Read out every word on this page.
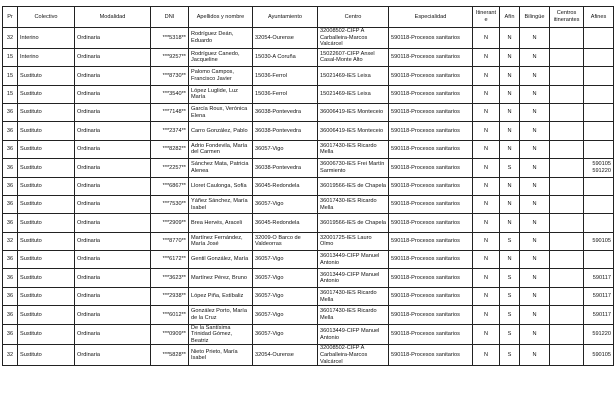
Pr	Colectivo	Modalidad	DNI	Apellidos y nombre	Ayuntamiento	Centro	Especialidad	Itinerante	Afín	Bilingüe	Centros itinerantes	Afines
32	Interino	Ordinaria	***5318**	Rodríguez Deán, Eduardo	32054-Ourense	32008502-CIFP A Carballeira-Marcos Valcárcel	590118-Procesos sanitarios	N	N	N		
15	Interino	Ordinaria	***9257**	Rodríguez Canedo, Jacqueline	15030-A Coruña	15022607-CIFP Anxel Casal-Monte Alto	590118-Procesos sanitarios	N	N	N		
15	Sustituto	Ordinaria	***8730**	Palomo Campos, Francisco Javier	15036-Ferrol	15021469-IES Leixa	590118-Procesos sanitarios	N	N	N		
15	Sustituto	Ordinaria	***3540**	López Luglide, Luz María	15036-Ferrol	15021469-IES Leixa	590118-Procesos sanitarios	N	N	N		
36	Sustituto	Ordinaria	***7148**	García Roux, Verónica Elena	36038-Pontevedra	36006419-IES Monteceio	590118-Procesos sanitarios	N	N	N		
36	Sustituto	Ordinaria	***2374**	Carro González, Pablo	36038-Pontevedra	36006419-IES Monteceio	590118-Procesos sanitarios	N	N	N		
36	Sustituto	Ordinaria	***8282**	Adrio Fondevila, María del Carmen	36057-Vigo	36017430-IES Ricardo Mella	590118-Procesos sanitarios	N	N	N		
36	Sustituto	Ordinaria	***2257**	Sánchez Mata, Patricia Alenea	36038-Pontevedra	36006730-IES Frei Martín Sarmiento	590118-Procesos sanitarios	N	S	N		590105 591220
36	Sustituto	Ordinaria	***6867**	Lloret Caulonga, Sofía	36045-Redondela	36019566-IES de Chapela	590118-Procesos sanitarios	N	N	N		
36	Sustituto	Ordinaria	***7530**	Yáñez Sánchez, María Isabel	36057-Vigo	36017430-IES Ricardo Mella	590118-Procesos sanitarios	N	N	N		
36	Sustituto	Ordinaria	***2909**	Brea Hervés, Araceli	36045-Redondela	36019566-IES de Chapela	590118-Procesos sanitarios	N	N	N		
32	Sustituto	Ordinaria	***8770**	Martínez Fernández, María José	32009-O Barco de Valdeorras	32001725-IES Lauro Olmo	590118-Procesos sanitarios	N	S	N		590105
36	Sustituto	Ordinaria	***6172**	Gentil González, María	36057-Vigo	36013449-CIFP Manuel Antonio	590118-Procesos sanitarios	N	N	N		
36	Sustituto	Ordinaria	***3623**	Martínez Pérez, Bruno	36057-Vigo	36013449-CIFP Manuel Antonio	590118-Procesos sanitarios	N	S	N		590117
36	Sustituto	Ordinaria	***2938**	López Piña, Estíbaliz	36057-Vigo	36017430-IES Ricardo Mella	590118-Procesos sanitarios	N	S	N		590117
36	Sustituto	Ordinaria	***6012**	González Porto, María de la Cruz	36057-Vigo	36017430-IES Ricardo Mella	590118-Procesos sanitarios	N	S	N		590117
36	Sustituto	Ordinaria	***0909**	De la Santísima Trinidad Gómez, Beatriz	36057-Vigo	36013449-CIFP Manuel Antonio	590118-Procesos sanitarios	N	S	N		591220
32	Sustituto	Ordinaria	***5828**	Nieto Prieto, María Isabel	32054-Ourense	32008502-CIFP A Carballeira-Marcos Valcárcel	590118-Procesos sanitarios	N	S	N		590105
